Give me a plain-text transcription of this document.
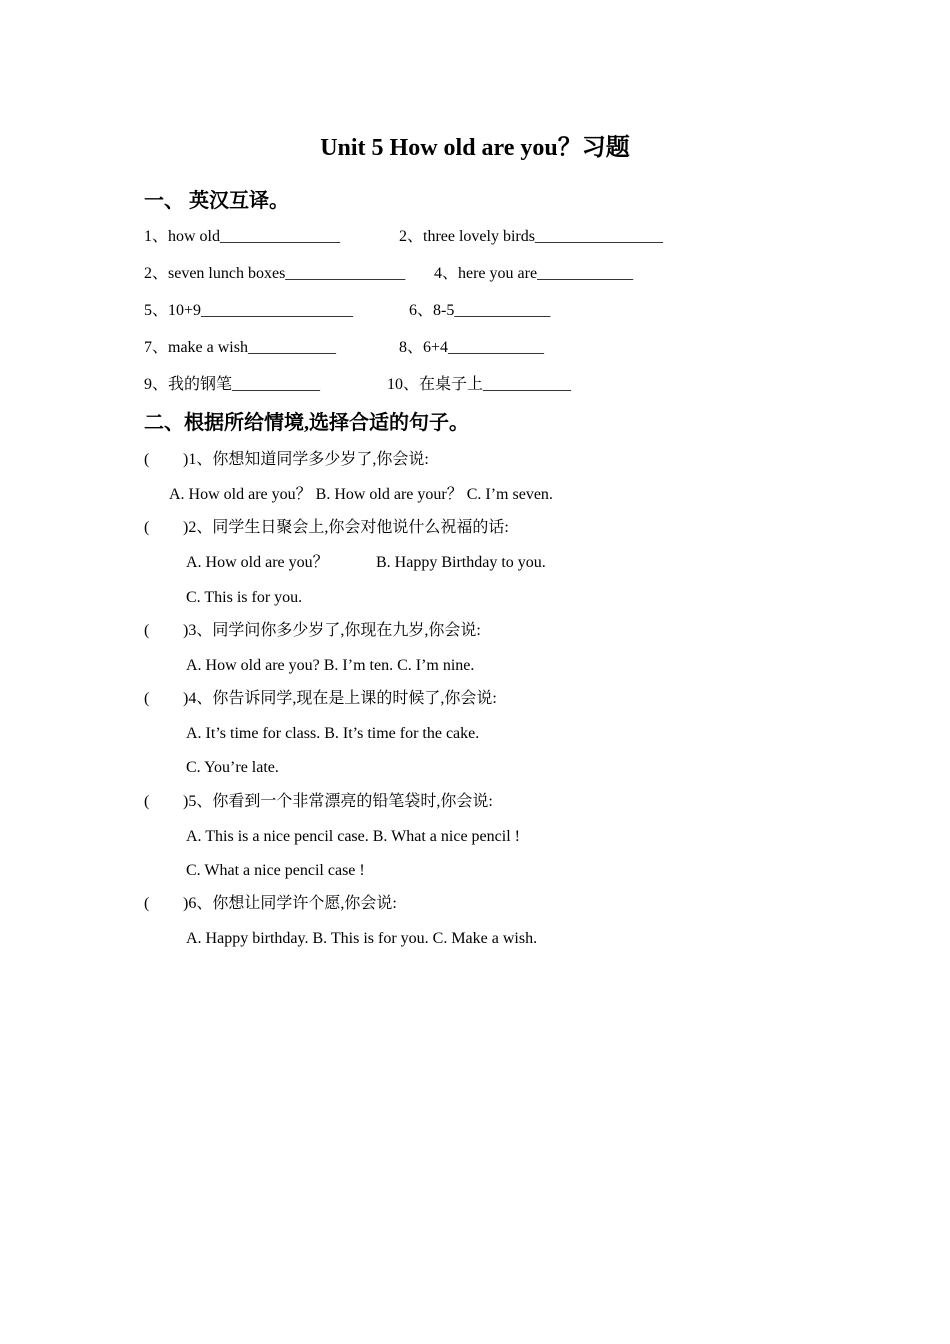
Unit 5 How old are you？习题
一、 英汉互译。
1、how old_______________	2、three lovely birds________________
2、seven lunch boxes_______________ 4、here you are____________
5、10+9___________________	6、8-5____________
7、make a wish___________	8、6+4____________
9、我的钢笔___________	10、在桌子上___________
二、根据所给情境,选择合适的句子。
( )1、你想知道同学多少岁了,你会说:
A. How old are you？ B. How old are your？ C. I’m seven.
( )2、同学生日聚会上,你会对他说什么祝福的话:
A. How old are you？	B. Happy Birthday to you.
C. This is for you.
( )3、同学问你多少岁了,你现在九岁,你会说:
A. How old are you? B. I’m ten. C. I’m nine.
( )4、你告诉同学,现在是上课的时候了,你会说:
A. It’s time for class. B. It’s time for the cake.
C. You’re late.
( )5、你看到一个非常漂亮的铅笔袋时,你会说:
A. This is a nice pencil case. B. What a nice pencil !
C. What a nice pencil case !
( )6、你想让同学许个愿,你会说:
A. Happy birthday. B. This is for you. C. Make a wish.
